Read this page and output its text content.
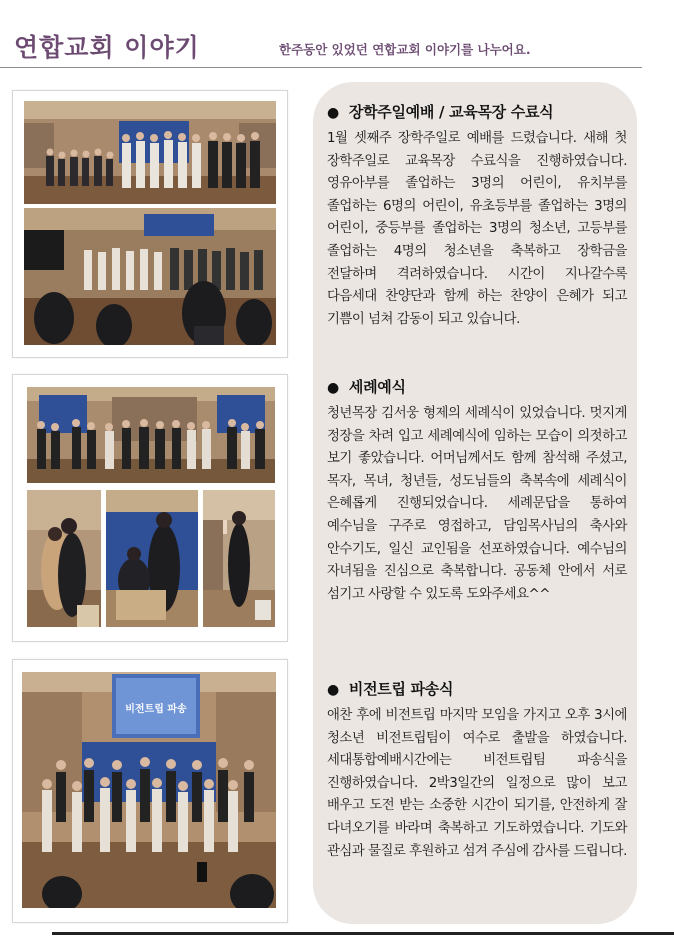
연합교회 이야기	한주동안 있었던 연합교회 이야기를 나누어요.
비전트립 파송
● 장학주일예배 / 교육목장 수료식
1월 셋째주 장학주일로 예배를 드렸습니다. 새해 첫 장학주일로 교육목장 수료식을 진행하였습니다. 영유아부를 졸업하는 3명의 어린이, 유치부를 졸업하는 6명의 어린이, 유초등부를 졸업하는 3명의 어린이, 중등부를 졸업하는 3명의 청소년, 고등부를 졸업하는 4명의 청소년을 축복하고 장학금을 전달하며 격려하였습니다. 시간이 지나갈수록 다음세대 찬양단과 함께 하는 찬양이 은혜가 되고 기쁨이 넘쳐 감동이 되고 있습니다.
● 세례예식
청년목장 김서웅 형제의 세례식이 있었습니다. 멋지게 정장을 차려 입고 세례예식에 임하는 모습이 의젓하고 보기 좋았습니다. 어머님께서도 함께 참석해 주셨고, 목자, 목녀, 청년들, 성도님들의 축복속에 세례식이 은혜롭게 진행되었습니다. 세례문답을 통하여 예수님을 구주로 영접하고, 담임목사님의 축사와 안수기도, 일신 교인됨을 선포하였습니다. 예수님의 자녀됨을 진심으로 축복합니다. 공동체 안에서 서로 섬기고 사랑할 수 있도록 도와주세요^^
● 비전트립 파송식
애찬 후에 비전트립 마지막 모임을 가지고 오후 3시에 청소년 비전트립팀이 여수로 출발을 하였습니다. 세대통합예배시간에는 비전트립팀 파송식을 진행하였습니다. 2박3일간의 일정으로 많이 보고 배우고 도전 받는 소중한 시간이 되기를, 안전하게 잘 다녀오기를 바라며 축복하고 기도하였습니다. 기도와 관심과 물질로 후원하고 섬겨 주심에 감사를 드립니다.
